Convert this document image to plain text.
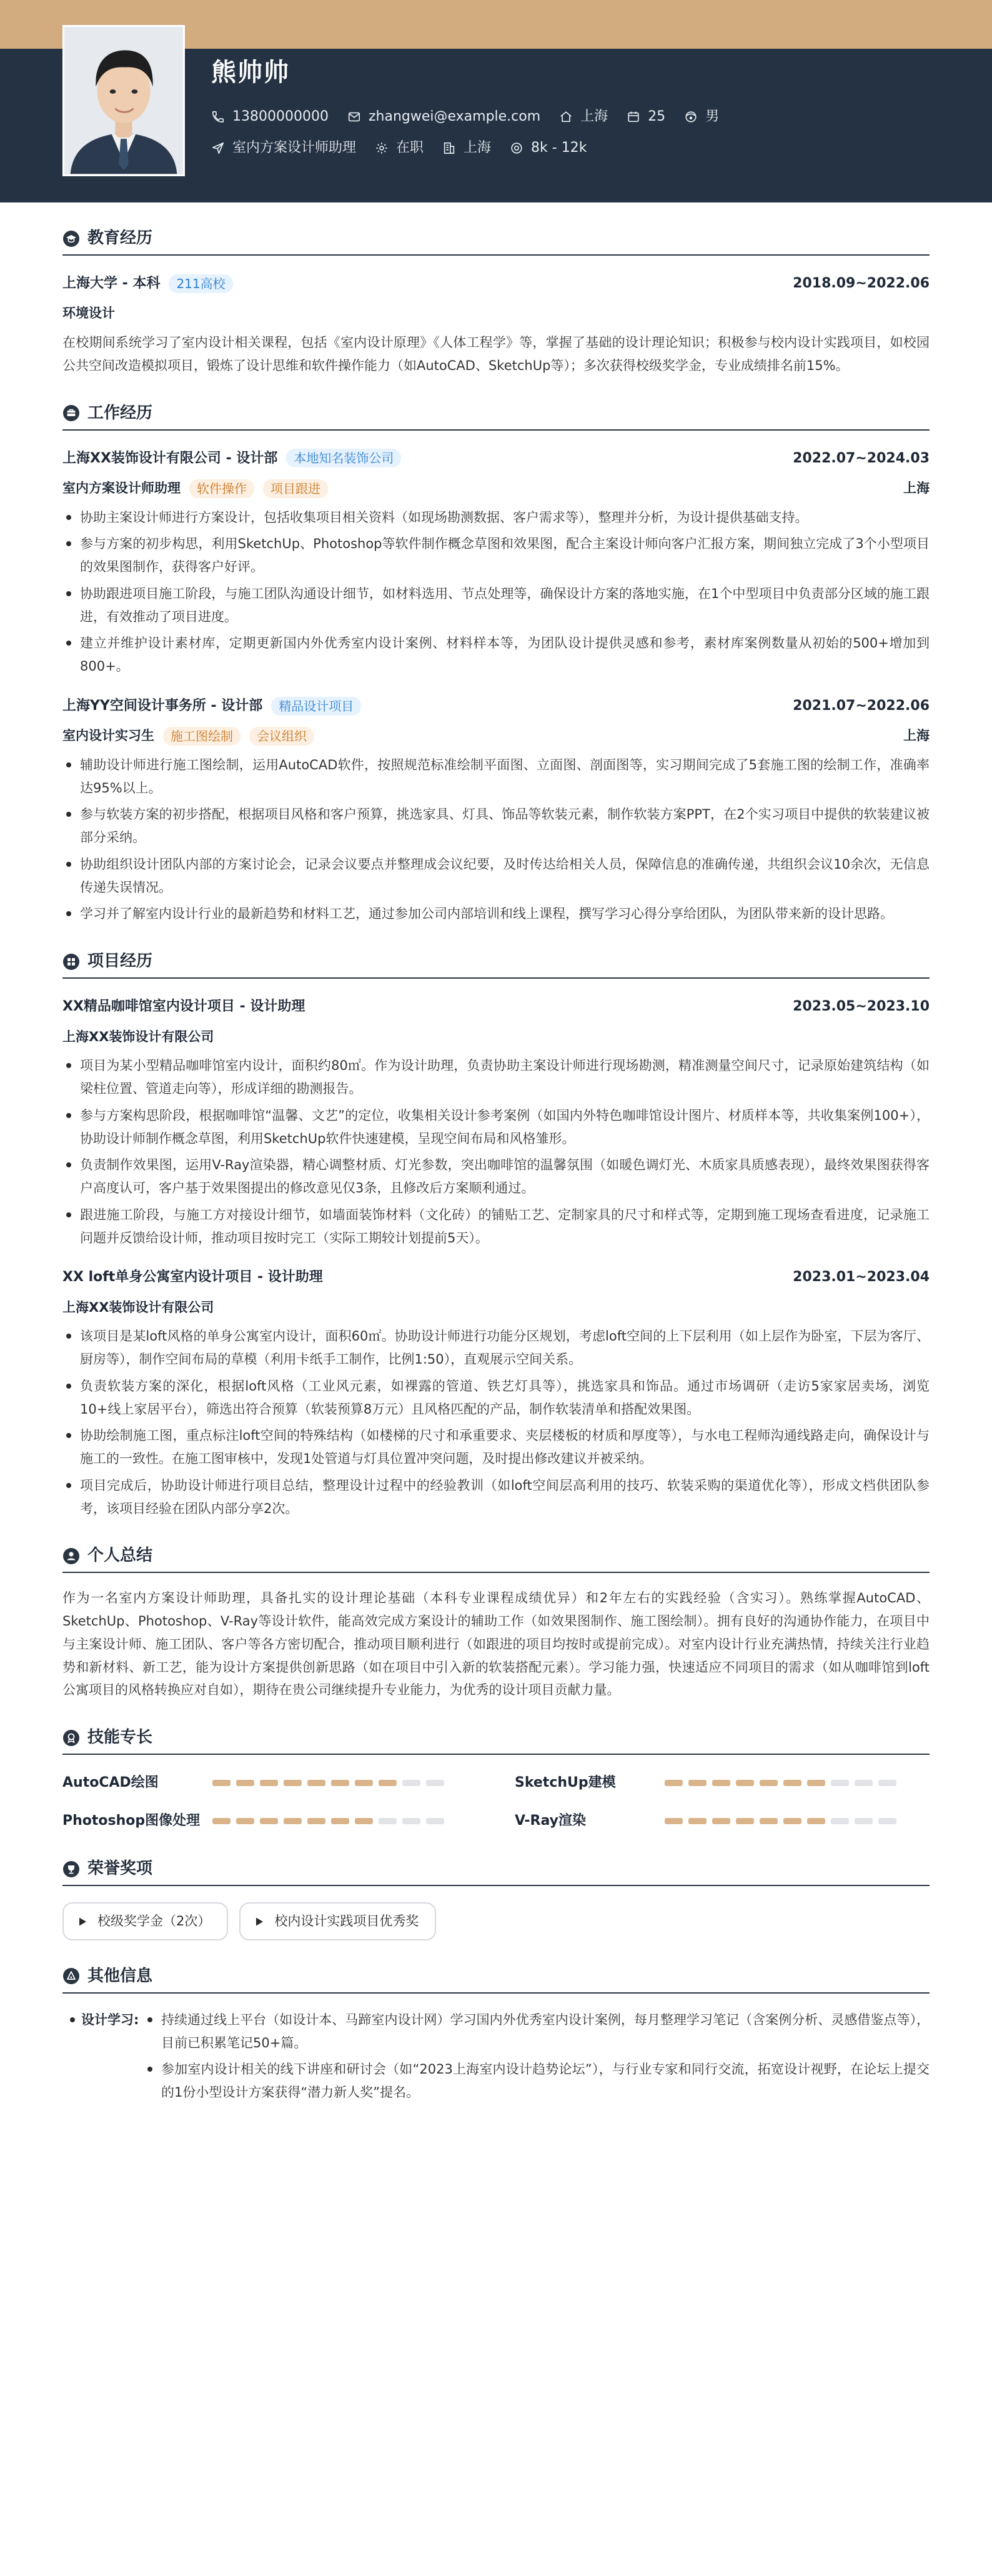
熊帅帅
13800000000	zhangwei@example.com	上海	25	男
室内方案设计师助理	在职	上海	8k - 12k
教育经历
上海大学 - 本科	211高校	2018.09~2022.06
环境设计
在校期间系统学习了室内设计相关课程，包括《室内设计原理》《人体工程学》等，掌握了基础的设计理论知识；积极参与校内设计实践项目，如校园公共空间改造模拟项目，锻炼了设计思维和软件操作能力（如AutoCAD、SketchUp等）；多次获得校级奖学金，专业成绩排名前15%。
工作经历
上海XX装饰设计有限公司 - 设计部	本地知名装饰公司	2022.07~2024.03
室内方案设计师助理	软件操作	项目跟进	上海
协助主案设计师进行方案设计，包括收集项目相关资料（如现场勘测数据、客户需求等），整理并分析，为设计提供基础支持。
参与方案的初步构思，利用SketchUp、Photoshop等软件制作概念草图和效果图，配合主案设计师向客户汇报方案，期间独立完成了3个小型项目的效果图制作，获得客户好评。
协助跟进项目施工阶段，与施工团队沟通设计细节，如材料选用、节点处理等，确保设计方案的落地实施，在1个中型项目中负责部分区域的施工跟进，有效推动了项目进度。
建立并维护设计素材库，定期更新国内外优秀室内设计案例、材料样本等，为团队设计提供灵感和参考，素材库案例数量从初始的500+增加到800+。
上海YY空间设计事务所 - 设计部	精品设计项目	2021.07~2022.06
室内设计实习生	施工图绘制	会议组织	上海
辅助设计师进行施工图绘制，运用AutoCAD软件，按照规范标准绘制平面图、立面图、剖面图等，实习期间完成了5套施工图的绘制工作，准确率达95%以上。
参与软装方案的初步搭配，根据项目风格和客户预算，挑选家具、灯具、饰品等软装元素，制作软装方案PPT，在2个实习项目中提供的软装建议被部分采纳。
协助组织设计团队内部的方案讨论会，记录会议要点并整理成会议纪要，及时传达给相关人员，保障信息的准确传递，共组织会议10余次，无信息传递失误情况。
学习并了解室内设计行业的最新趋势和材料工艺，通过参加公司内部培训和线上课程，撰写学习心得分享给团队，为团队带来新的设计思路。
项目经历
XX精品咖啡馆室内设计项目 - 设计助理	2023.05~2023.10
上海XX装饰设计有限公司
项目为某小型精品咖啡馆室内设计，面积约80㎡。作为设计助理，负责协助主案设计师进行现场勘测，精准测量空间尺寸，记录原始建筑结构（如梁柱位置、管道走向等），形成详细的勘测报告。
参与方案构思阶段，根据咖啡馆“温馨、文艺”的定位，收集相关设计参考案例（如国内外特色咖啡馆设计图片、材质样本等，共收集案例100+），协助设计师制作概念草图，利用SketchUp软件快速建模，呈现空间布局和风格雏形。
负责制作效果图，运用V-Ray渲染器，精心调整材质、灯光参数，突出咖啡馆的温馨氛围（如暖色调灯光、木质家具质感表现），最终效果图获得客户高度认可，客户基于效果图提出的修改意见仅3条，且修改后方案顺利通过。
跟进施工阶段，与施工方对接设计细节，如墙面装饰材料（文化砖）的铺贴工艺、定制家具的尺寸和样式等，定期到施工现场查看进度，记录施工问题并反馈给设计师，推动项目按时完工（实际工期较计划提前5天）。
XX loft单身公寓室内设计项目 - 设计助理	2023.01~2023.04
上海XX装饰设计有限公司
该项目是某loft风格的单身公寓室内设计，面积60㎡。协助设计师进行功能分区规划，考虑loft空间的上下层利用（如上层作为卧室，下层为客厅、厨房等），制作空间布局的草模（利用卡纸手工制作，比例1:50），直观展示空间关系。
负责软装方案的深化，根据loft风格（工业风元素，如裸露的管道、铁艺灯具等），挑选家具和饰品。通过市场调研（走访5家家居卖场，浏览10+线上家居平台），筛选出符合预算（软装预算8万元）且风格匹配的产品，制作软装清单和搭配效果图。
协助绘制施工图，重点标注loft空间的特殊结构（如楼梯的尺寸和承重要求、夹层楼板的材质和厚度等），与水电工程师沟通线路走向，确保设计与施工的一致性。在施工图审核中，发现1处管道与灯具位置冲突问题，及时提出修改建议并被采纳。
项目完成后，协助设计师进行项目总结，整理设计过程中的经验教训（如loft空间层高利用的技巧、软装采购的渠道优化等），形成文档供团队参考，该项目经验在团队内部分享2次。
个人总结
作为一名室内方案设计师助理，具备扎实的设计理论基础（本科专业课程成绩优异）和2年左右的实践经验（含实习）。熟练掌握AutoCAD、SketchUp、Photoshop、V-Ray等设计软件，能高效完成方案设计的辅助工作（如效果图制作、施工图绘制）。拥有良好的沟通协作能力，在项目中与主案设计师、施工团队、客户等各方密切配合，推动项目顺利进行（如跟进的项目均按时或提前完成）。对室内设计行业充满热情，持续关注行业趋势和新材料、新工艺，能为设计方案提供创新思路（如在项目中引入新的软装搭配元素）。学习能力强，快速适应不同项目的需求（如从咖啡馆到loft公寓项目的风格转换应对自如），期待在贵公司继续提升专业能力，为优秀的设计项目贡献力量。
技能专长
AutoCAD绘图	SketchUp建模
Photoshop图像处理	V-Ray渲染
荣誉奖项
校级奖学金（2次）	校内设计实践项目优秀奖
其他信息
设计学习:	持续通过线上平台（如设计本、马蹄室内设计网）学习国内外优秀室内设计案例，每月整理学习笔记（含案例分析、灵感借鉴点等），目前已积累笔记50+篇。
参加室内设计相关的线下讲座和研讨会（如“2023上海室内设计趋势论坛”），与行业专家和同行交流，拓宽设计视野，在论坛上提交的1份小型设计方案获得“潜力新人奖”提名。
